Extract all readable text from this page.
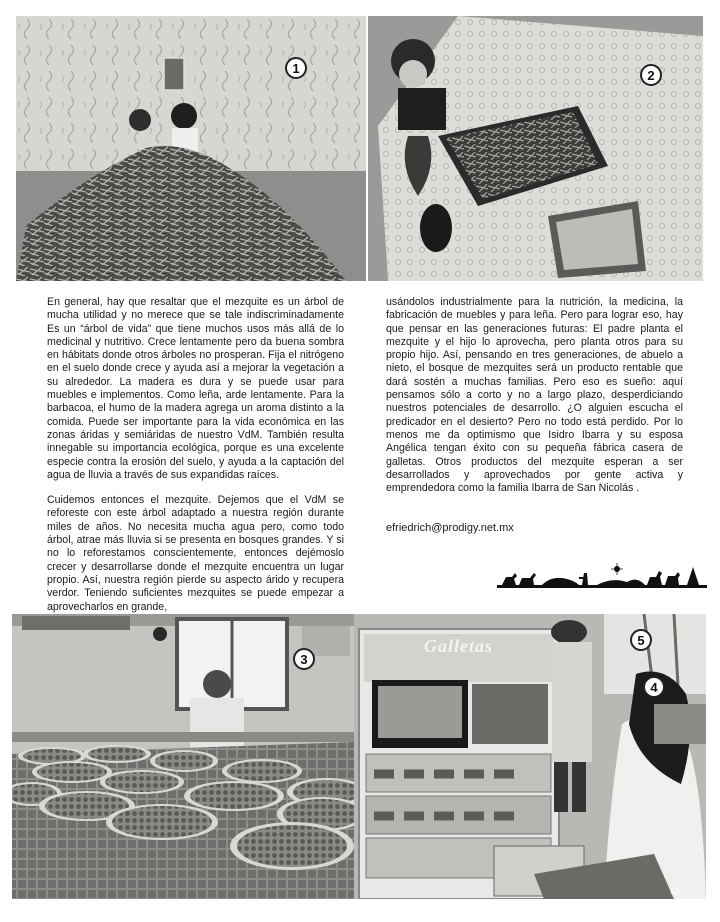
1	2

En general, hay que resaltar que el mezquite es un árbol de mucha utilidad y no merece que se tale indiscriminadamente Es un “árbol de vida” que tiene muchos usos más allá de lo medicinal y nutritivo. Crece lentamente pero da buena sombra en hábitats donde otros árboles no prosperan. Fija el nitrógeno en el suelo donde crece y ayuda así a mejorar la vegetación a su alrededor. La madera es dura y se puede usar para muebles e implementos. Como leña, arde lentamente. Para la barbacoa, el humo de la madera agrega un aroma distinto a la comida. Puede ser importante para la vida económica en las zonas áridas y semiáridas de nuestro VdM. También resulta innegable su importancia ecológica, porque es una excelente especie contra la erosión del suelo, y ayuda a la captación del agua de lluvia a través de sus expandidas raíces.

Cuidemos entonces el mezquite. Dejemos que el VdM se reforeste con este árbol adaptado a nuestra región durante miles de años. No necesita mucha agua pero, como todo árbol, atrae más lluvia si se presenta en bosques grandes. Y si no lo reforestamos conscientemente, entonces dejémoslo crecer y desarrollarse donde el mezquite encuentra un lugar propio. Así, nuestra región pierde su aspecto árido y recupera verdor. Teniendo suficientes mezquites se puede empezar a aprovecharlos en grande,

usándolos industrialmente para la nutrición, la medicina, la fabricación de muebles y para leña. Pero para lograr eso, hay que pensar en las generaciones futuras: El padre planta el mezquite y el hijo lo aprovecha, pero planta otros para su propio hijo. Así, pensando en tres generaciones, de abuelo a nieto, el bosque de mezquites será un producto rentable que dará sostén a muchas familias. Pero eso es sueño: aquí pensamos sólo a corto y no a largo plazo, desperdiciando nuestros potenciales de desarrollo. ¿O alguien escucha el predicador en el desierto? Pero no todo está perdido. Por lo menos me da optimismo que Isidro Ibarra y su esposa Angélica tengan éxito con su pequeña fábrica casera de galletas. Otros productos del mezquite esperan a ser desarrollados y aprovechados por gente activa y emprendedora como la familia Ibarra de San Nicolás .

efriedrich@prodigy.net.mx
3
Galletas	5
4
53
